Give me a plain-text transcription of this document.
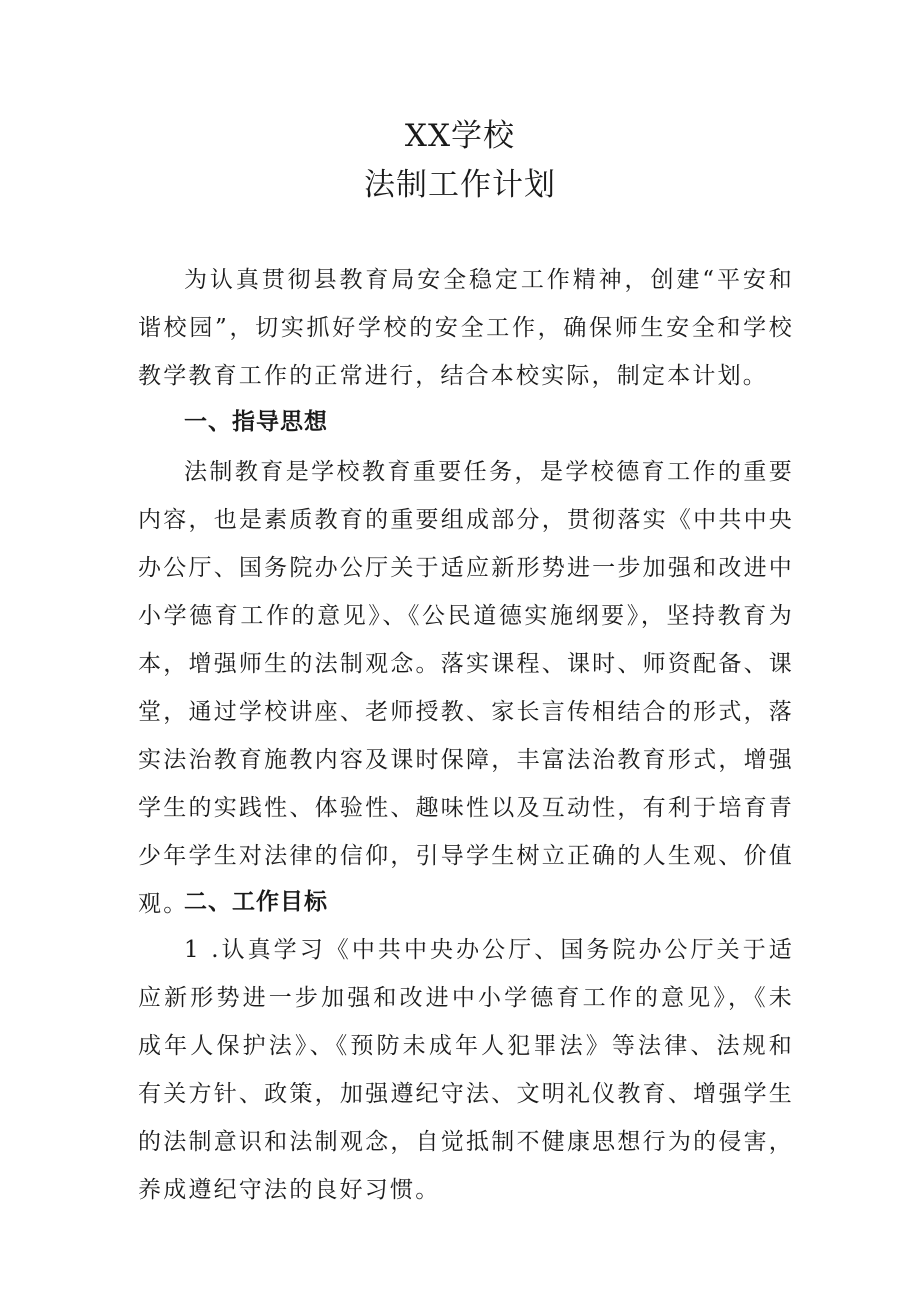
XX学校
法制工作计划

为认真贯彻县教育局安全稳定工作精神，创建“平安和谐校园”，切实抓好学校的安全工作，确保师生安全和学校教学教育工作的正常进行，结合本校实际，制定本计划。

一、指导思想

法制教育是学校教育重要任务，是学校德育工作的重要内容，也是素质教育的重要组成部分，贯彻落实《中共中央办公厅、国务院办公厅关于适应新形势进一步加强和改进中小学德育工作的意见》、《公民道德实施纲要》，坚持教育为本，增强师生的法制观念。落实课程、课时、师资配备、课堂，通过学校讲座、老师授教、家长言传相结合的形式，落实法治教育施教内容及课时保障，丰富法治教育形式，增强学生的实践性、体验性、趣味性以及互动性，有利于培育青少年学生对法律的信仰，引导学生树立正确的人生观、价值观。

二、工作目标

1 .认真学习《中共中央办公厅、国务院办公厅关于适应新形势进一步加强和改进中小学德育工作的意见》，《未成年人保护法》、《预防未成年人犯罪法》等法律、法规和有关方针、政策，加强遵纪守法、文明礼仪教育、增强学生的法制意识和法制观念，自觉抵制不健康思想行为的侵害，养成遵纪守法的良好习惯。
